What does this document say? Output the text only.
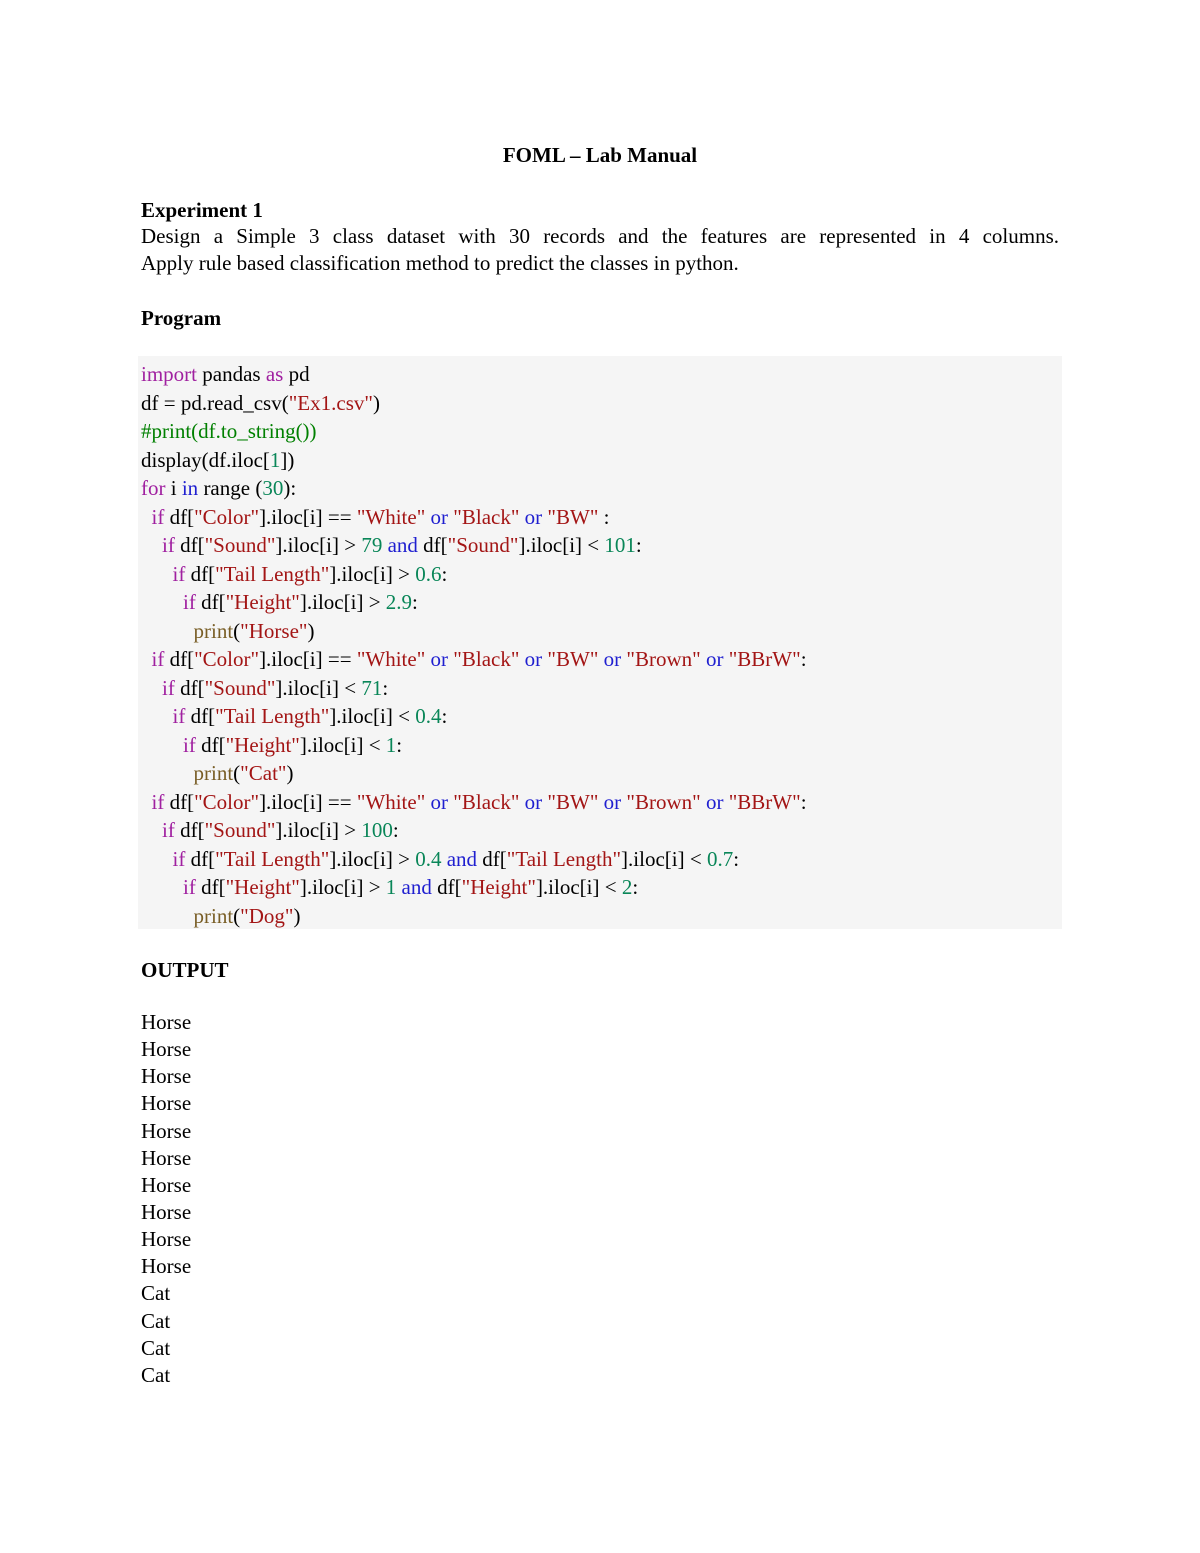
FOML – Lab Manual
Experiment 1
Design a Simple 3 class dataset with 30 records and the features are represented in 4 columns.
Apply rule based classification method to predict the classes in python.
Program
import pandas as pd
df = pd.read_csv("Ex1.csv")
#print(df.to_string())
display(df.iloc[1])
for i in range (30):
if df["Color"].iloc[i] == "White" or "Black" or "BW" :
if df["Sound"].iloc[i] > 79 and df["Sound"].iloc[i] < 101:
if df["Tail Length"].iloc[i] > 0.6:
if df["Height"].iloc[i] > 2.9:
print("Horse")
if df["Color"].iloc[i] == "White" or "Black" or "BW" or "Brown" or "BBrW":
if df["Sound"].iloc[i] < 71:
if df["Tail Length"].iloc[i] < 0.4:
if df["Height"].iloc[i] < 1:
print("Cat")
if df["Color"].iloc[i] == "White" or "Black" or "BW" or "Brown" or "BBrW":
if df["Sound"].iloc[i] > 100:
if df["Tail Length"].iloc[i] > 0.4 and df["Tail Length"].iloc[i] < 0.7:
if df["Height"].iloc[i] > 1 and df["Height"].iloc[i] < 2:
print("Dog")
OUTPUT
Horse
Horse
Horse
Horse
Horse
Horse
Horse
Horse
Horse
Horse
Cat
Cat
Cat
Cat
